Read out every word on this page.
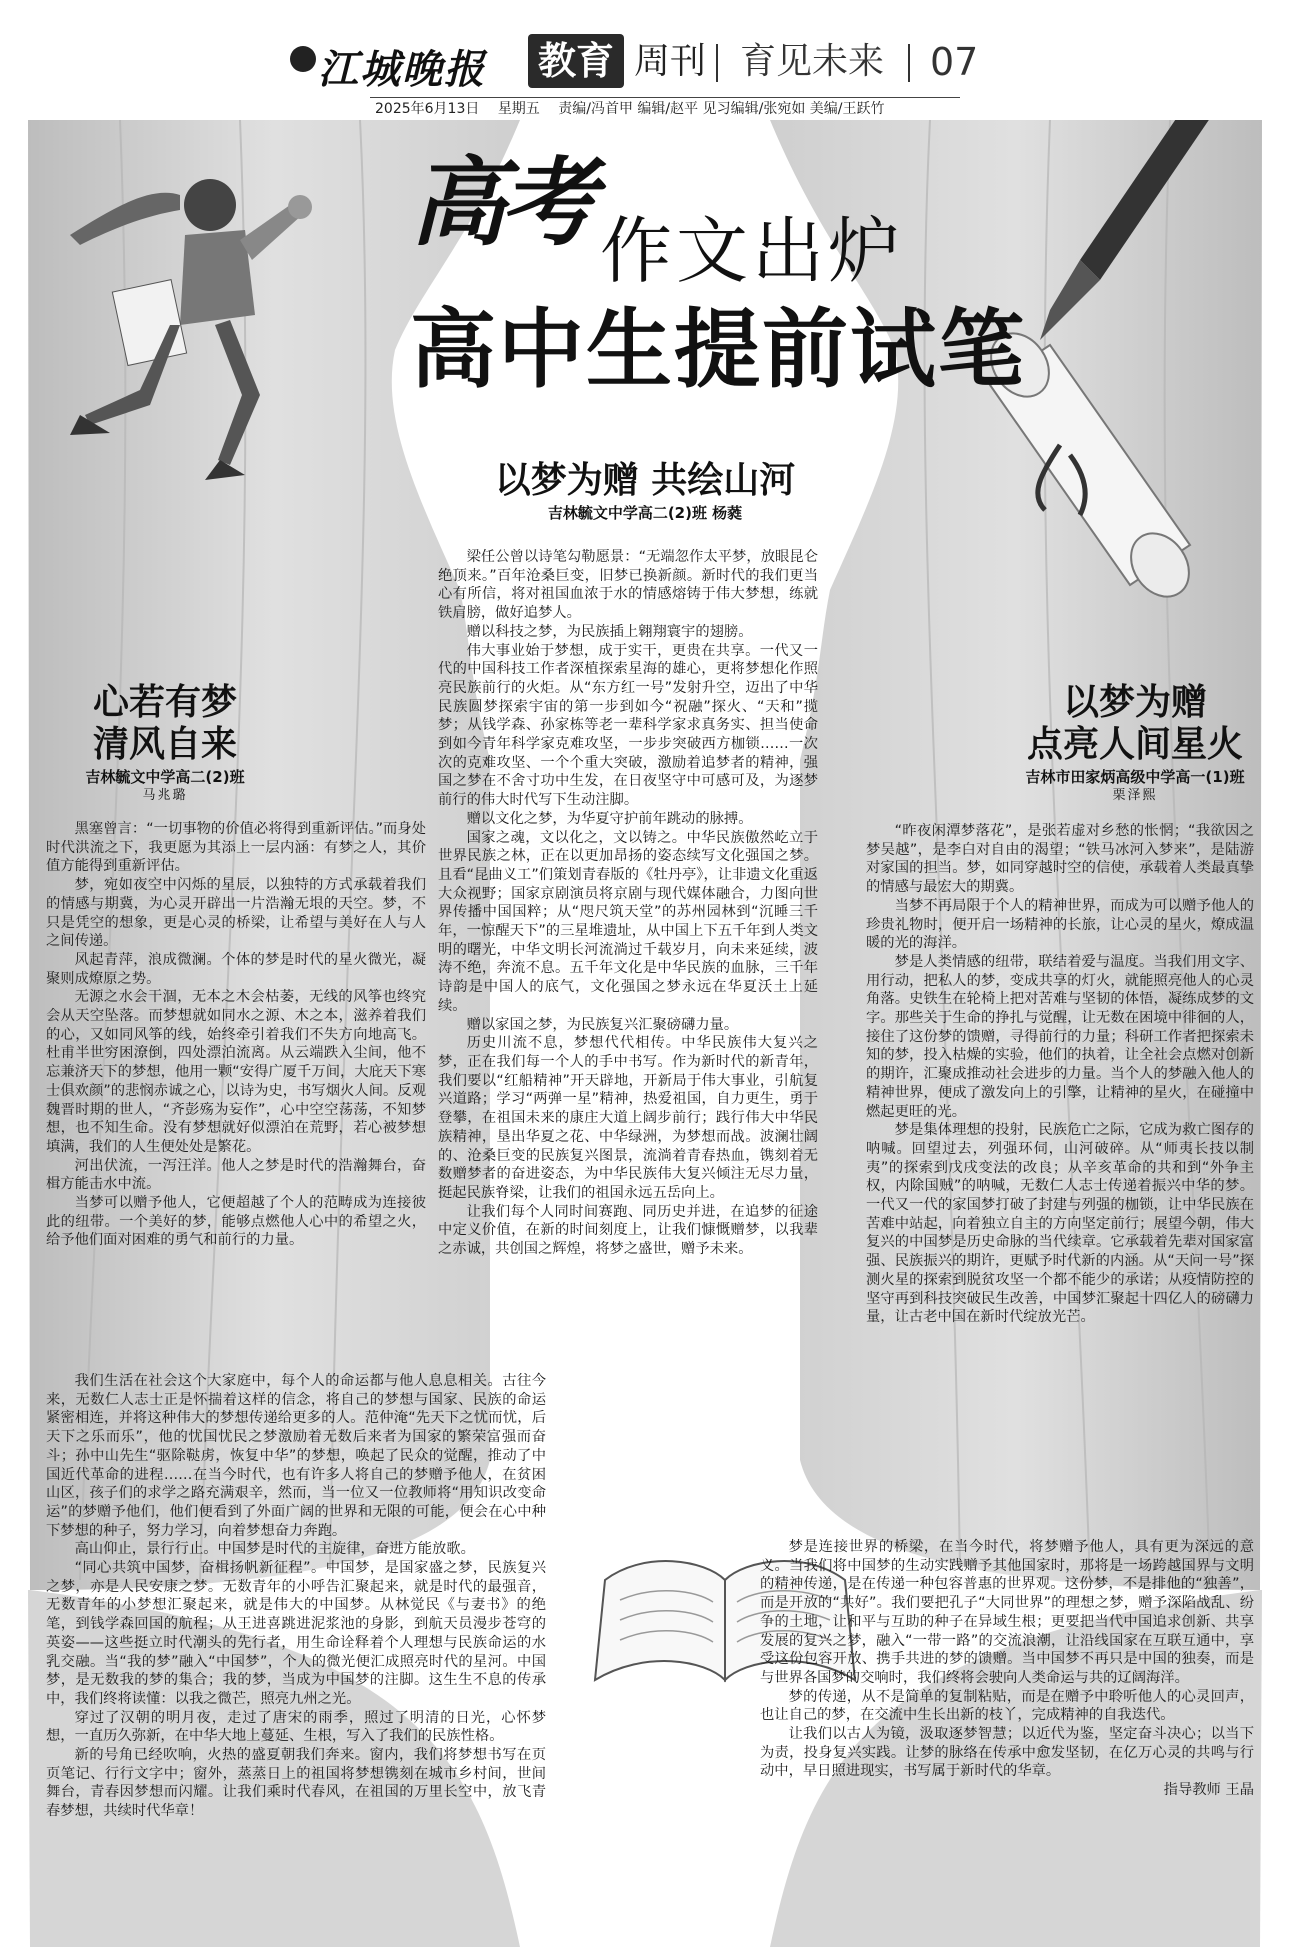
江城晚报 教育 周刊 育见未来 07
2025年6月13日 星期五 责编/冯首甲 编辑/赵平 见习编辑/张宛如 美编/王跃竹
高考 作文出炉
高中生提前试笔
以梦为赠 共绘山河
吉林毓文中学高二(2)班 杨蕤

梁任公曾以诗笔勾勒愿景：“无端忽作太平梦，放眼昆仑绝顶来。”百年沧桑巨变，旧梦已换新颜。新时代的我们更当心有所信，将对祖国血浓于水的情感熔铸于伟大梦想，练就铁肩膀，做好追梦人。

赠以科技之梦，为民族插上翱翔寰宇的翅膀。

伟大事业始于梦想，成于实干，更贵在共享。一代又一代的中国科技工作者深植探索星海的雄心，更将梦想化作照亮民族前行的火炬。从“东方红一号”发射升空，迈出了中华民族圆梦探索宇宙的第一步到如今“祝融”探火、“天和”揽梦；从钱学森、孙家栋等老一辈科学家求真务实、担当使命到如今青年科学家克难攻坚，一步步突破西方枷锁……一次次的克难攻坚、一个个重大突破，激励着追梦者的精神，强国之梦在不舍寸功中生发，在日夜坚守中可感可及，为逐梦前行的伟大时代写下生动注脚。

赠以文化之梦，为华夏守护前年跳动的脉搏。

国家之魂，文以化之，文以铸之。中华民族傲然屹立于世界民族之林，正在以更加昂扬的姿态续写文化强国之梦。且看“昆曲义工”们策划青春版的《牡丹亭》，让非遗文化重返大众视野；国家京剧演员将京剧与现代媒体融合，力图向世界传播中国国粹；从“咫尺筑天堂”的苏州园林到“沉睡三千年，一惊醒天下”的三星堆遗址，从中国上下五千年到人类文明的曙光，中华文明长河流淌过千载岁月，向未来延续，波涛不绝，奔流不息。五千年文化是中华民族的血脉，三千年诗韵是中国人的底气，文化强国之梦永远在华夏沃土上延续。

赠以家国之梦，为民族复兴汇聚磅礴力量。

历史川流不息，梦想代代相传。中华民族伟大复兴之梦，正在我们每一个人的手中书写。作为新时代的新青年，我们要以“红船精神”开天辟地，开新局于伟大事业，引航复兴道路；学习“两弹一星”精神，热爱祖国，自力更生，勇于登攀，在祖国未来的康庄大道上阔步前行；践行伟大中华民族精神，垦出华夏之花、中华绿洲，为梦想而战。波澜壮阔的、沧桑巨变的民族复兴图景，流淌着青春热血，镌刻着无数赠梦者的奋进姿态，为中华民族伟大复兴倾注无尽力量，挺起民族脊梁，让我们的祖国永远五岳向上。

让我们每个人同时间赛跑、同历史并进，在追梦的征途中定义价值，在新的时间刻度上，让我们慷慨赠梦，以我辈之赤诚，共创国之辉煌，将梦之盛世，赠予未来。

心若有梦
清风自来
吉林毓文中学高二(2)班
马兆璐

黑塞曾言：“一切事物的价值必将得到重新评估。”而身处时代洪流之下，我更愿为其添上一层内涵：有梦之人，其价值方能得到重新评估。

梦，宛如夜空中闪烁的星辰，以独特的方式承载着我们的情感与期冀，为心灵开辟出一片浩瀚无垠的天空。梦，不只是凭空的想象，更是心灵的桥梁，让希望与美好在人与人之间传递。

风起青萍，浪成微澜。个体的梦是时代的星火微光，凝聚则成燎原之势。

无源之水会干涸，无本之木会枯萎，无线的风筝也终究会从天空坠落。而梦想就如同水之源、木之本，滋养着我们的心，又如同风筝的线，始终牵引着我们不失方向地高飞。杜甫半世穷困潦倒，四处漂泊流离。从云端跌入尘间，他不忘兼济天下的梦想，他用一颗“安得广厦千万间，大庇天下寒士俱欢颜”的悲悯赤诚之心，以诗为史，书写烟火人间。反观魏晋时期的世人，“齐彭殇为妄作”，心中空空荡荡，不知梦想，也不知生命。没有梦想就好似漂泊在荒野，若心被梦想填满，我们的人生便处处是繁花。

河出伏流，一泻汪洋。他人之梦是时代的浩瀚舞台，奋楫方能击水中流。

当梦可以赠予他人，它便超越了个人的范畴成为连接彼此的纽带。一个美好的梦，能够点燃他人心中的希望之火，给予他们面对困难的勇气和前行的力量。

我们生活在社会这个大家庭中，每个人的命运都与他人息息相关。古往今来，无数仁人志士正是怀揣着这样的信念，将自己的梦想与国家、民族的命运紧密相连，并将这种伟大的梦想传递给更多的人。范仲淹“先天下之忧而忧，后天下之乐而乐”，他的忧国忧民之梦激励着无数后来者为国家的繁荣富强而奋斗；孙中山先生“驱除鞑虏，恢复中华”的梦想，唤起了民众的觉醒，推动了中国近代革命的进程……在当今时代，也有许多人将自己的梦赠予他人，在贫困山区，孩子们的求学之路充满艰辛，然而，当一位又一位教师将“用知识改变命运”的梦赠予他们，他们便看到了外面广阔的世界和无限的可能，便会在心中种下梦想的种子，努力学习，向着梦想奋力奔跑。

高山仰止，景行行止。中国梦是时代的主旋律，奋进方能放歌。

“同心共筑中国梦，奋楫扬帆新征程”。中国梦，是国家盛之梦，民族复兴之梦，亦是人民安康之梦。无数青年的小呼告汇聚起来，就是时代的最强音，无数青年的小梦想汇聚起来，就是伟大的中国梦。从林觉民《与妻书》的绝笔，到钱学森回国的航程；从王进喜跳进泥浆池的身影，到航天员漫步苍穹的英姿——这些挺立时代潮头的先行者，用生命诠释着个人理想与民族命运的水乳交融。当“我的梦”融入“中国梦”，个人的微光便汇成照亮时代的星河。中国梦，是无数我的梦的集合；我的梦，当成为中国梦的注脚。这生生不息的传承中，我们终将读懂：以我之微芒，照亮九州之光。

穿过了汉朝的明月夜，走过了唐宋的雨季，照过了明清的日光，心怀梦想，一直历久弥新，在中华大地上蔓延、生根，写入了我们的民族性格。

新的号角已经吹响，火热的盛夏朝我们奔来。窗内，我们将梦想书写在页页笔记、行行文字中；窗外，蒸蒸日上的祖国将梦想镌刻在城市乡村间，世间舞台，青春因梦想而闪耀。让我们乘时代春风，在祖国的万里长空中，放飞青春梦想，共续时代华章！

以梦为赠
点亮人间星火
吉林市田家炳高级中学高一(1)班
栗泽熙

“昨夜闲潭梦落花”，是张若虚对乡愁的怅惘；“我欲因之梦吴越”，是李白对自由的渴望；“铁马冰河入梦来”，是陆游对家国的担当。梦，如同穿越时空的信使，承载着人类最真挚的情感与最宏大的期冀。

当梦不再局限于个人的精神世界，而成为可以赠予他人的珍贵礼物时，便开启一场精神的长旅，让心灵的星火，燎成温暖的光的海洋。

梦是人类情感的纽带，联结着爱与温度。当我们用文字、用行动，把私人的梦，变成共享的灯火，就能照亮他人的心灵角落。史铁生在轮椅上把对苦难与坚韧的体悟，凝练成梦的文字。那些关于生命的挣扎与觉醒，让无数在困境中徘徊的人，接住了这份梦的馈赠，寻得前行的力量；科研工作者把探索未知的梦，投入枯燥的实验，他们的执着，让全社会点燃对创新的期许，汇聚成推动社会进步的力量。当个人的梦融入他人的精神世界，便成了激发向上的引擎，让精神的星火，在碰撞中燃起更旺的光。

梦是集体理想的投射，民族危亡之际，它成为救亡图存的呐喊。回望过去，列强环伺，山河破碎。从“师夷长技以制夷”的探索到戊戌变法的改良；从辛亥革命的共和到“外争主权，内除国贼”的呐喊，无数仁人志士传递着振兴中华的梦。一代又一代的家国梦打破了封建与列强的枷锁，让中华民族在苦难中站起，向着独立自主的方向坚定前行；展望今朝，伟大复兴的中国梦是历史命脉的当代续章。它承载着先辈对国家富强、民族振兴的期许，更赋予时代新的内涵。从“天问一号”探测火星的探索到脱贫攻坚一个都不能少的承诺；从疫情防控的坚守再到科技突破民生改善，中国梦汇聚起十四亿人的磅礴力量，让古老中国在新时代绽放光芒。

梦是连接世界的桥梁，在当今时代，将梦赠予他人，具有更为深远的意义。当我们将中国梦的生动实践赠予其他国家时，那将是一场跨越国界与文明的精神传递，是在传递一种包容普惠的世界观。这份梦，不是排他的“独善”，而是开放的“共好”。我们要把孔子“大同世界”的理想之梦，赠予深陷战乱、纷争的土地，让和平与互助的种子在异域生根；更要把当代中国追求创新、共享发展的复兴之梦，融入“一带一路”的交流浪潮，让沿线国家在互联互通中，享受这份包容开放、携手共进的梦的馈赠。当中国梦不再只是中国的独奏，而是与世界各国梦的交响时，我们终将会驶向人类命运与共的辽阔海洋。

梦的传递，从不是简单的复制粘贴，而是在赠予中聆听他人的心灵回声，也让自己的梦，在交流中生长出新的枝丫，完成精神的自我迭代。

让我们以古人为镜，汲取逐梦智慧；以近代为鉴，坚定奋斗决心；以当下为责，投身复兴实践。让梦的脉络在传承中愈发坚韧，在亿万心灵的共鸣与行动中，早日照进现实，书写属于新时代的华章。

指导教师 王晶
